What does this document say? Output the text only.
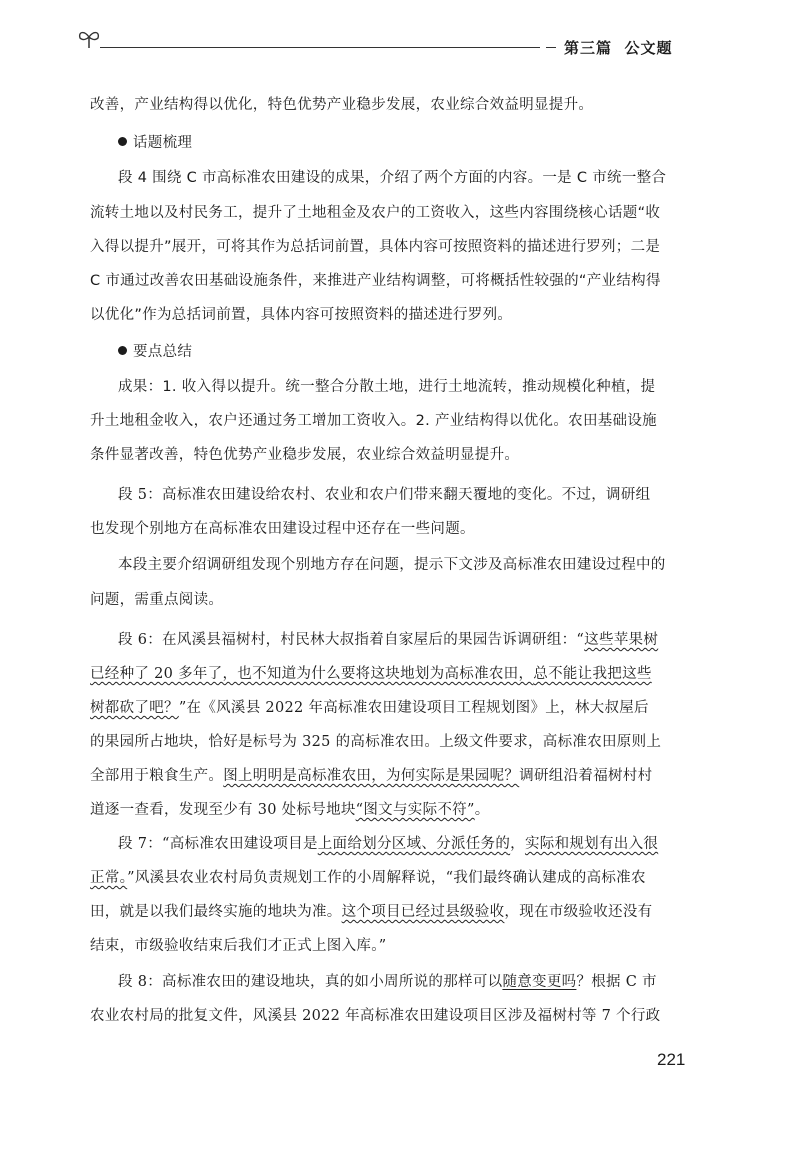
第三篇 公文题
改善，产业结构得以优化，特色优势产业稳步发展，农业综合效益明显提升。
话题梳理
段 4 围绕 C 市高标准农田建设的成果，介绍了两个方面的内容。一是 C 市统一整合
流转土地以及村民务工，提升了土地租金及农户的工资收入，这些内容围绕核心话题“收
入得以提升”展开，可将其作为总括词前置，具体内容可按照资料的描述进行罗列；二是
C 市通过改善农田基础设施条件，来推进产业结构调整，可将概括性较强的“产业结构得
以优化”作为总括词前置，具体内容可按照资料的描述进行罗列。
要点总结
成果：1. 收入得以提升。统一整合分散土地，进行土地流转，推动规模化种植，提
升土地租金收入，农户还通过务工增加工资收入。2. 产业结构得以优化。农田基础设施
条件显著改善，特色优势产业稳步发展，农业综合效益明显提升。
段 5：高标准农田建设给农村、农业和农户们带来翻天覆地的变化。不过，调研组
也发现个别地方在高标准农田建设过程中还存在一些问题。
本段主要介绍调研组发现个别地方存在问题，提示下文涉及高标准农田建设过程中的
问题，需重点阅读。
段 6：在风溪县福树村，村民林大叔指着自家屋后的果园告诉调研组：“这些苹果树
已经种了 20 多年了，也不知道为什么要将这块地划为高标准农田，总不能让我把这些
树都砍了吧？”在《风溪县 2022 年高标准农田建设项目工程规划图》上，林大叔屋后
的果园所占地块，恰好是标号为 325 的高标准农田。上级文件要求，高标准农田原则上
全部用于粮食生产。图上明明是高标准农田，为何实际是果园呢？调研组沿着福树村村
道逐一查看，发现至少有 30 处标号地块“图文与实际不符”。
段 7：“高标准农田建设项目是上面给划分区域、分派任务的，实际和规划有出入很
正常。”风溪县农业农村局负责规划工作的小周解释说，“我们最终确认建成的高标准农
田，就是以我们最终实施的地块为准。这个项目已经过县级验收，现在市级验收还没有
结束，市级验收结束后我们才正式上图入库。”
段 8：高标准农田的建设地块，真的如小周所说的那样可以随意变更吗？根据 C 市
农业农村局的批复文件，风溪县 2022 年高标准农田建设项目区涉及福树村等 7 个行政
221
